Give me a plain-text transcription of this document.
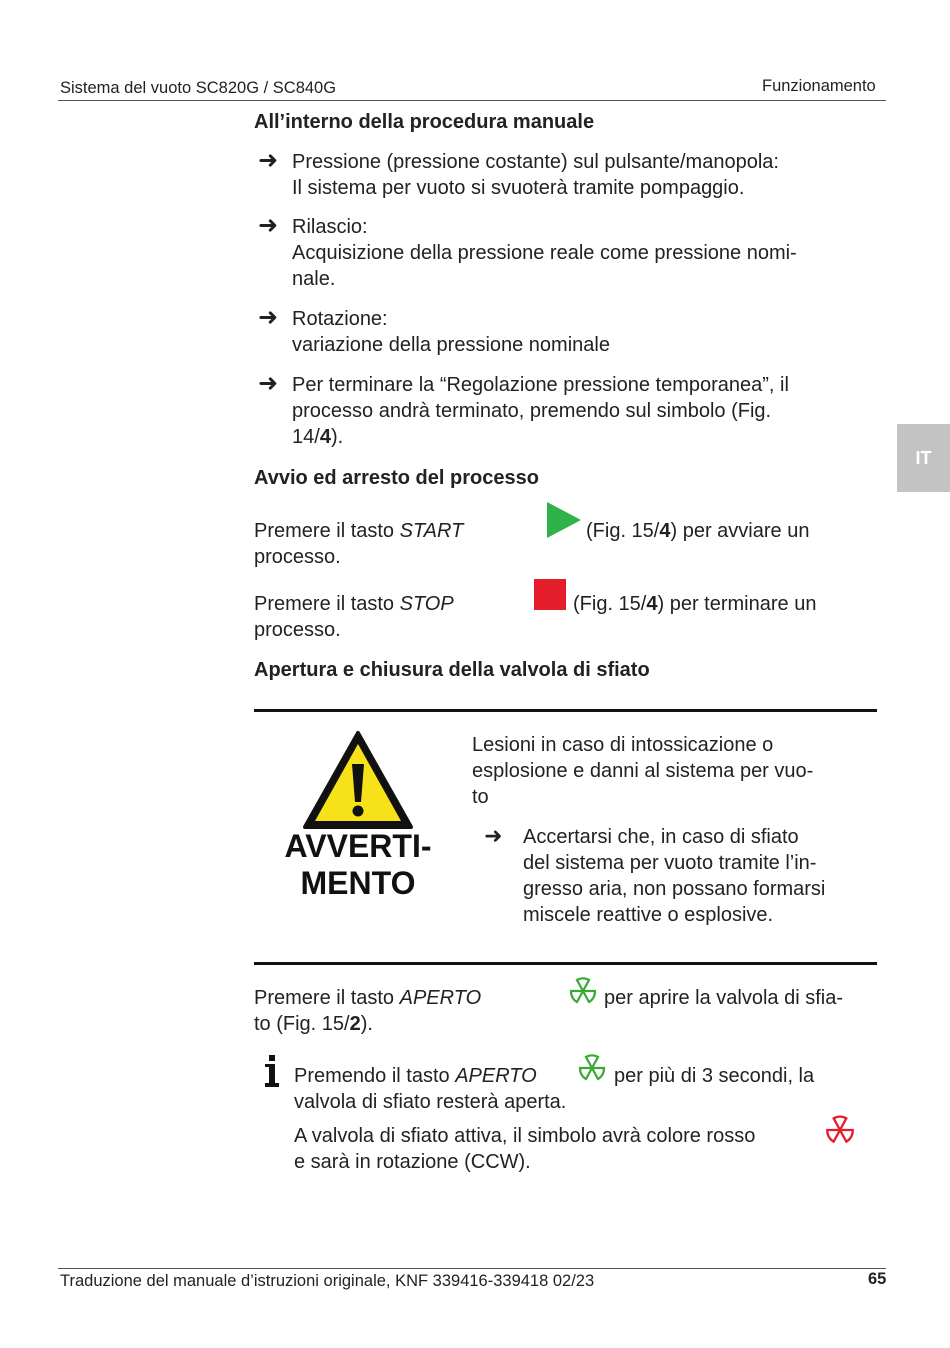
Sistema del vuoto SC820G / SC840G	Funzionamento
IT
All’interno della procedura manuale
➜ Pressione (pressione costante) sul pulsante/manopola:
Il sistema per vuoto si svuoterà tramite pompaggio.
➜ Rilascio:
Acquisizione della pressione reale come pressione nomi-
nale.
➜ Rotazione:
variazione della pressione nominale
➜ Per terminare la “Regolazione pressione temporanea”, il
processo andrà terminato, premendo sul simbolo (Fig.
14/4).
Avvio ed arresto del processo
Premere il tasto START	(Fig. 15/4) per avviare un
processo.
Premere il tasto STOP	(Fig. 15/4) per terminare un
processo.
Apertura e chiusura della valvola di sfiato
AVVERTI-
MENTO
Lesioni in caso di intossicazione o
esplosione e danni al sistema per vuo-
to
➜ Accertarsi che, in caso di sfiato
del sistema per vuoto tramite l’in-
gresso aria, non possano formarsi
miscele reattive o esplosive.
Premere il tasto APERTO	per aprire la valvola di sfia-
to (Fig. 15/2).
Premendo il tasto APERTO	per più di 3 secondi, la
valvola di sfiato resterà aperta.
A valvola di sfiato attiva, il simbolo avrà colore rosso
e sarà in rotazione (CCW).
Traduzione del manuale d’istruzioni originale, KNF 339416-339418 02/23	65
